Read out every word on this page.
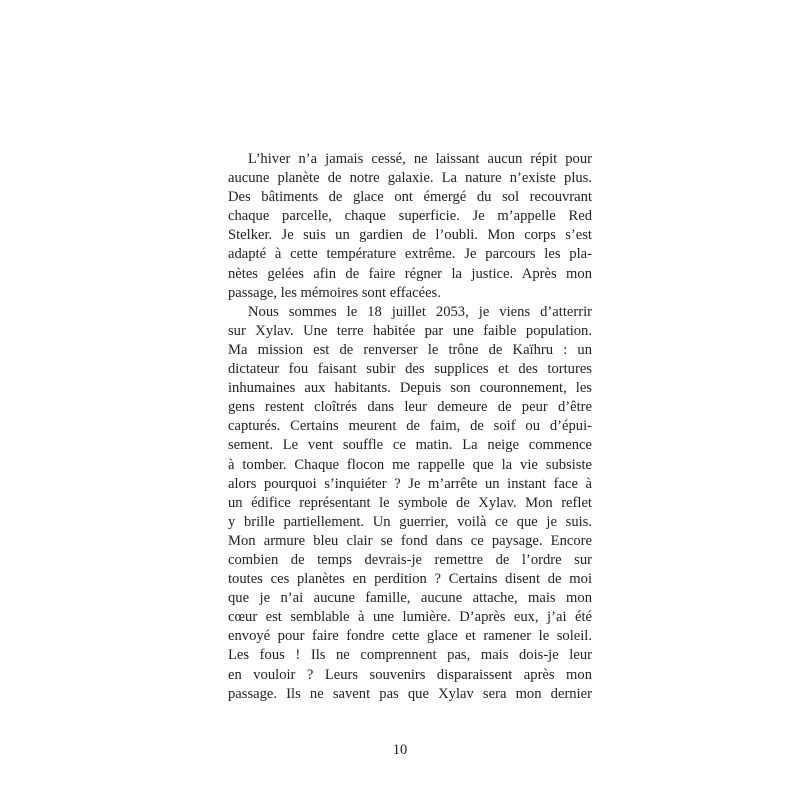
L’hiver n’a jamais cessé, ne laissant aucun répit pour
aucune planète de notre galaxie. La nature n’existe plus.
Des bâtiments de glace ont émergé du sol recouvrant
chaque parcelle, chaque superficie. Je m’appelle Red
Stelker. Je suis un gardien de l’oubli. Mon corps s’est
adapté à cette température extrême. Je parcours les pla-
nètes gelées afin de faire régner la justice. Après mon
passage, les mémoires sont effacées.
Nous sommes le 18 juillet 2053, je viens d’atterrir
sur Xylav. Une terre habitée par une faible population.
Ma mission est de renverser le trône de Kaïhru : un
dictateur fou faisant subir des supplices et des tortures
inhumaines aux habitants. Depuis son couronnement, les
gens restent cloîtrés dans leur demeure de peur d’être
capturés. Certains meurent de faim, de soif ou d’épui-
sement. Le vent souffle ce matin. La neige commence
à tomber. Chaque flocon me rappelle que la vie subsiste
alors pourquoi s’inquiéter ? Je m’arrête un instant face à
un édifice représentant le symbole de Xylav. Mon reflet
y brille partiellement. Un guerrier, voilà ce que je suis.
Mon armure bleu clair se fond dans ce paysage. Encore
combien de temps devrais-je remettre de l’ordre sur
toutes ces planètes en perdition ? Certains disent de moi
que je n’ai aucune famille, aucune attache, mais mon
cœur est semblable à une lumière. D’après eux, j’ai été
envoyé pour faire fondre cette glace et ramener le soleil.
Les fous ! Ils ne comprennent pas, mais dois-je leur
en vouloir ? Leurs souvenirs disparaissent après mon
passage. Ils ne savent pas que Xylav sera mon dernier
10
